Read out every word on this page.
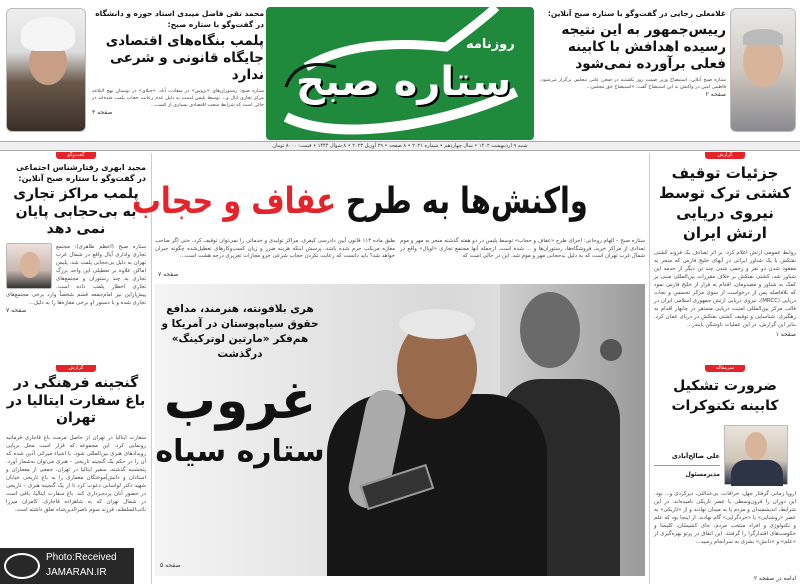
محمد تقی فاضل میبدی استاد حوزه و دانشگاه در گفت‌وگو با ستاره صبح:
پلمب بنگاه‌های اقتصادی جایگاه قانونی و شرعی ندارد
ستاره صبح: رستوران‌های «نژوس» در سعادت آباد، «جبلای» در بوستان نهج البلاغه مرکز تجاری اپال و... توسط پلیس امنیت به دلیل عدم رعایت حجاب پلمب شده‌اند در حالی است که شرایط سخت اقتصادی بسیاری از کسب...
صفحه ۳
ستاره صبح
روزنامه
غلامعلی رجایی در گفت‌وگو با ستاره صبح آنلاین:
رییس‌جمهور به این نتیجه رسیده اهدافش با کابینه فعلی برآورده نمی‌شود
ستاره صبح آنلاین: استیضاح وزیر صمت روز یکشنبه در صحن علنی مجلس برگزار می‌شود. فاطمی امین در واکنش به این استیضاح گفت: «استیضاح حق مجلس...
صفحه ۲
شنبه ۹ اردیبهشت ۱۴۰۲ • سال چهاردهم • شماره ۲۰۲۱ • ۸ صفحه • ۲۹ آوریل ۲۰۲۳ • ۸ شوال ۱۴۴۴ • قیمت: ۸۰۰۰ تومان
گفت‌وگو
مجید ابهری رفتارشناس اجتماعی در گفت‌وگو با ستاره صبح آنلاین:
پلمب مراکز تجاری به بی‌حجابی پایان نمی دهد
ستاره صبح (اعظم طاهری): مجتمع تجاری واداری اُپال واقع در شمال غرب تهران به دلیل بی‌حجابی پلمب شد. پلیس اماکن علاوه بر تعطیلی این واحد بزرگ تجاری به چند رستوران و مجتمع‌های تجاری اخطار پلمب داده است. پیش‌ازاین نیز امام‌جمعه قشم شخصاً وارد برخی مجتمع‌های تجاری شده و با دستور او برخی مغازه‌ها را به دلیل...
صفحه ۷
گزارش
گنجینه فرهنگی در باغ سفارت ایتالیا در تهران
سفارت ایتالیا در تهران از حاصل مرمت باغ قاجاری فرمانیه رونمایی کرد. این مجموعه که قرار است محل برپایی رویدادهای هنری بین‌المللی شود، با اشیاء میراثی آذین شده که آن را در حکم یک گنجینه تاریخی – هنری می‌توان به‌شمار آورد. پنجشنبه گذشته، سفیر ایتالیا در تهران، جمعی از معماران و استادان و دانش‌آموختگان معماری را به باغ تاریخی خیابان شهید دکتر لواسانی دعوت کرد تا از یک گنجینه هنری – تاریخی در حضور آنان پرده‌برداری کند. باغ سفارت ایتالیا، باقی است در شمال تهران که به شاهزاده قاجاری، کامران میرزا نائب‌السلطنه، فرزند سوم ناصرالدین‌شاه تعلق داشته است.
Photo:Received
JAMARAN.IR
واکنش‌ها به طرح عفاف و حجاب
ستاره صبح – الهام روحانی: اجرای طرح «عفاف و حجاب» توسط پلیس در دو هفته گذشته منجر به مهر و موم تعدادی از مراکز خرید، فروشگاه‌ها، رستوران‌ها و ... شده است. ازجمله آنها مجتمع تجاری «اوپال» واقع در شمال غرب تهران است که به دلیل بدحجابی مهر و موم شد. این در حالی است که
طبق ماده ۱۱۴ قانون آیین دادرسی کیفری، مراکز تولیدی و خدماتی را نمی‌توان توقیف کرد، حتی اگر صاحب مغازه مرتکب جرم شده باشد. پرسش اینکه هزینه ضرر و زیان کسب‌وکارهای تعطیل‌شده چگونه جبران خواهد شد؟ باید دانست که رعایت نکردن حجاب شرعی جزو مجازات تعزیری درجه هشت است...
صفحه ۷
هری بلافونته، هنرمند، مدافع حقوق سیاه‌پوستان در آمریکا و هم‌فکر «مارتین لوترکینگ» درگذشت
غروب
ستاره سیاه
صفحه ۵
گزارش
جزئیات توقیف کشتی ترک توسط نیروی دریایی ارتش ایران
روابط عمومی ارتش اعلام کرد: بر اثر تصادف یک فروند کشتی نفتکش با یک شناور ایرانی در آبهای خلیج فارس که منجر به مفقود شدن دو نفر و زخمی شدن چند تن دیگر از خدمه این شناور شد، کشتی نفتکش بر خلاف مقررات بین‌المللی مبنی بر کمک به شناور و مصدومان، اقدام به فرار از خلیج فارس نمود که بلافاصله پس از درخواست از سوی مرکز تجسس و نجات دریایی (MRCC)، نیروی دریایی ارتش جمهوری اسلامی ایران در قالب مرکز بین‌المللی امنیت دریایی مستقر در چابهار اقدام به رهگیری، شناسایی و توقیف کشتی نفتکش در دریای عمان کرد. بنابر این گزارش، در این عملیات ناوشکن بایندر...
صفحه ۱
سرمقاله
ضرورت تشکیل کابینه تکنوکرات
علی صالح‌آبادی
مدیرمسئول
اروپا زمانی گرفتار جهل، خرافات، بی‌عدالتی، دیرکردی و... بود. این دوران را قرون‌وسطی یا عصر تاریکی نامیده‌اند. در این شرایط، اندیشمندان و مردم پا به میدان نهادند و از «تاریکی» به عصر «روشنایی» یا «خردگرایی» گام نهادند. از اینجا بود که علم و تکنولوژی و افراد منتخب مردم، جای کشیشان، کلیسا و حکومت‌های اقتدارگرا را گرفتند. این اتفاق در پرتو بهره‌گیری از «علم» و «دانش» بشری به سرانجام رسید...
ادامه در صفحه ۲
